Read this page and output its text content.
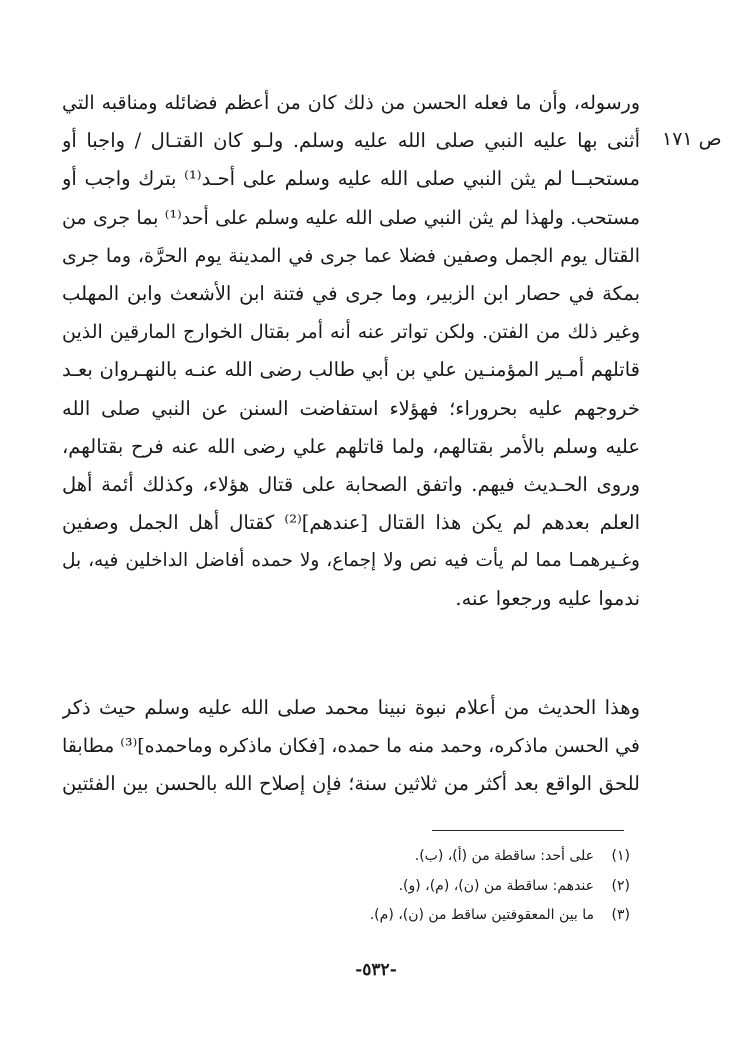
ص ١٧١
ورسوله، وأن ما فعله الحسن من ذلك كان من أعظم فضائله ومناقبه التي
أثنى بها عليه النبي صلى الله عليه وسلم. ولـو كان القتـال / واجبا أو
مستحبــا لم يثن النبي صلى الله عليه وسلم على أحـد⁽¹⁾ بترك واجب أو
مستحب. ولهذا لم يثن النبي صلى الله عليه وسلم على أحد⁽¹⁾ بما جرى من
القتال يوم الجمل وصفين فضلا عما جرى في المدينة يوم الحرَّة، وما جرى
بمكة في حصار ابن الزبير، وما جرى في فتنة ابن الأشعث وابن المهلب
وغير ذلك من الفتن. ولكن تواتر عنه أنه أمر بقتال الخوارج المارقين الذين
قاتلهم أمـير المؤمنـين علي بن أبي طالب رضى الله عنـه بالنهـروان بعـد
خروجهم عليه بحروراء؛ فهؤلاء استفاضت السنن عن النبي صلى الله
عليه وسلم بالأمر بقتالهم، ولما قاتلهم علي رضى الله عنه فرح بقتالهم،
وروى الحـديث فيهم. واتفق الصحابة على قتال هؤلاء، وكذلك أئمة أهل
العلم بعدهم لم يكن هذا القتال [عندهم]⁽²⁾ كقتال أهل الجمل وصفين
وغـيرهمـا مما لم يأت فيه نص ولا إجماع، ولا حمده أفاضل الداخلين فيه، بل
ندموا عليه ورجعوا عنه.
وهذا الحديث من أعلام نبوة نبينا محمد صلى الله عليه وسلم حيث ذكر
في الحسن ماذكره، وحمد منه ما حمده، [فكان ماذكره وماحمده]⁽³⁾ مطابقا
للحق الواقع بعد أكثر من ثلاثين سنة؛ فإن إصلاح الله بالحسن بين الفئتين
(١)
على أحد: ساقطة من (أ)، (ب).
(٢)
عندهم: ساقطة من (ن)، (م)، (و).
(٣)
ما بين المعقوفتين ساقط من (ن)، (م).
-٥٣٢-
